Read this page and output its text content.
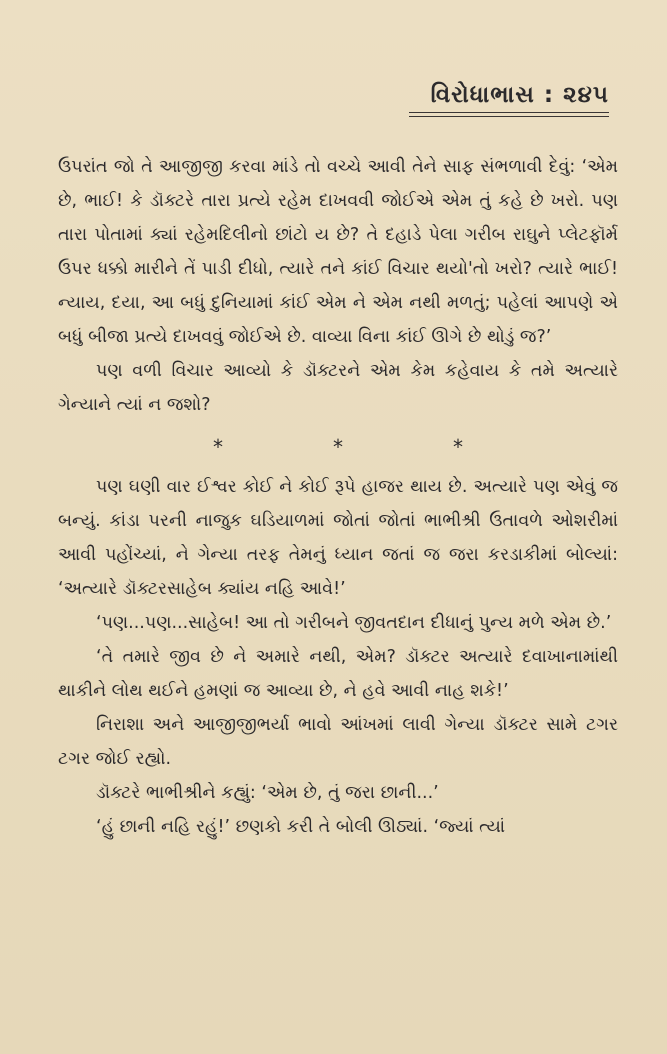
વિરોધાભાસ : ૨૪૫

ઉપરાંત જો તે આજીજી કરવા માંડે તો વચ્ચે આવી તેને સાફ સંભળાવી દેવું: ‘એમ છે, ભાઈ! કે ડૉક્ટરે તારા પ્રત્યે રહેમ દાખવવી જોઈએ એમ તું કહે છે ખરો. પણ તારા પોતામાં ક્યાં રહેમદિલીનો છાંટો ય છે? તે દહાડે પેલા ગરીબ રાઘુને પ્લેટફૉર્મ ઉપર ધક્કો મારીને તેં પાડી દીધો, ત્યારે તને કાંઈ વિચાર થયો'તો ખરો? ત્યારે ભાઈ! ન્યાય, દયા, આ બધું દુનિયામાં કાંઈ એમ ને એમ નથી મળતું; પહેલાં આપણે એ બધું બીજા પ્રત્યે દાખવવું જોઈએ છે. વાવ્યા વિના કાંઈ ઊગે છે થોડું જ?’

પણ વળી વિચાર આવ્યો કે ડૉક્ટરને એમ કેમ કહેવાય કે તમે અત્યારે ગેન્યાને ત્યાં ન જશો?

*	*	*

પણ ઘણી વાર ઈશ્વર કોઈ ને કોઈ રૂપે હાજર થાય છે. અત્યારે પણ એવું જ બન્યું. કાંડા પરની નાજુક ઘડિયાળમાં જોતાં જોતાં ભાભીશ્રી ઉતાવળે ઓશરીમાં આવી પહોંચ્યાં, ને ગેન્યા તરફ તેમનું ધ્યાન જતાં જ જરા કરડાકીમાં બોલ્યાં: ‘અત્યારે ડૉક્ટરસાહેબ ક્યાંય નહિ આવે!’

‘પણ...પણ...સાહેબ! આ તો ગરીબને જીવતદાન દીધાનું પુન્ય મળે એમ છે.’

‘તે તમારે જીવ છે ને અમારે નથી, એમ? ડૉક્ટર અત્યારે દવાખાનામાંથી થાકીને લોથ થઈને હમણાં જ આવ્યા છે, ને હવે આવી નાહ શકે!’

નિરાશા અને આજીજીભર્યા ભાવો આંખમાં લાવી ગેન્યા ડૉક્ટર સામે ટગર ટગર જોઈ રહ્યો.

ડૉક્ટરે ભાભીશ્રીને કહ્યું: ‘એમ છે, તું જરા છાની...’

‘હું છાની નહિ રહું!’ છણકો કરી તે બોલી ઊઠ્યાં. ‘જ્યાં ત્યાં
